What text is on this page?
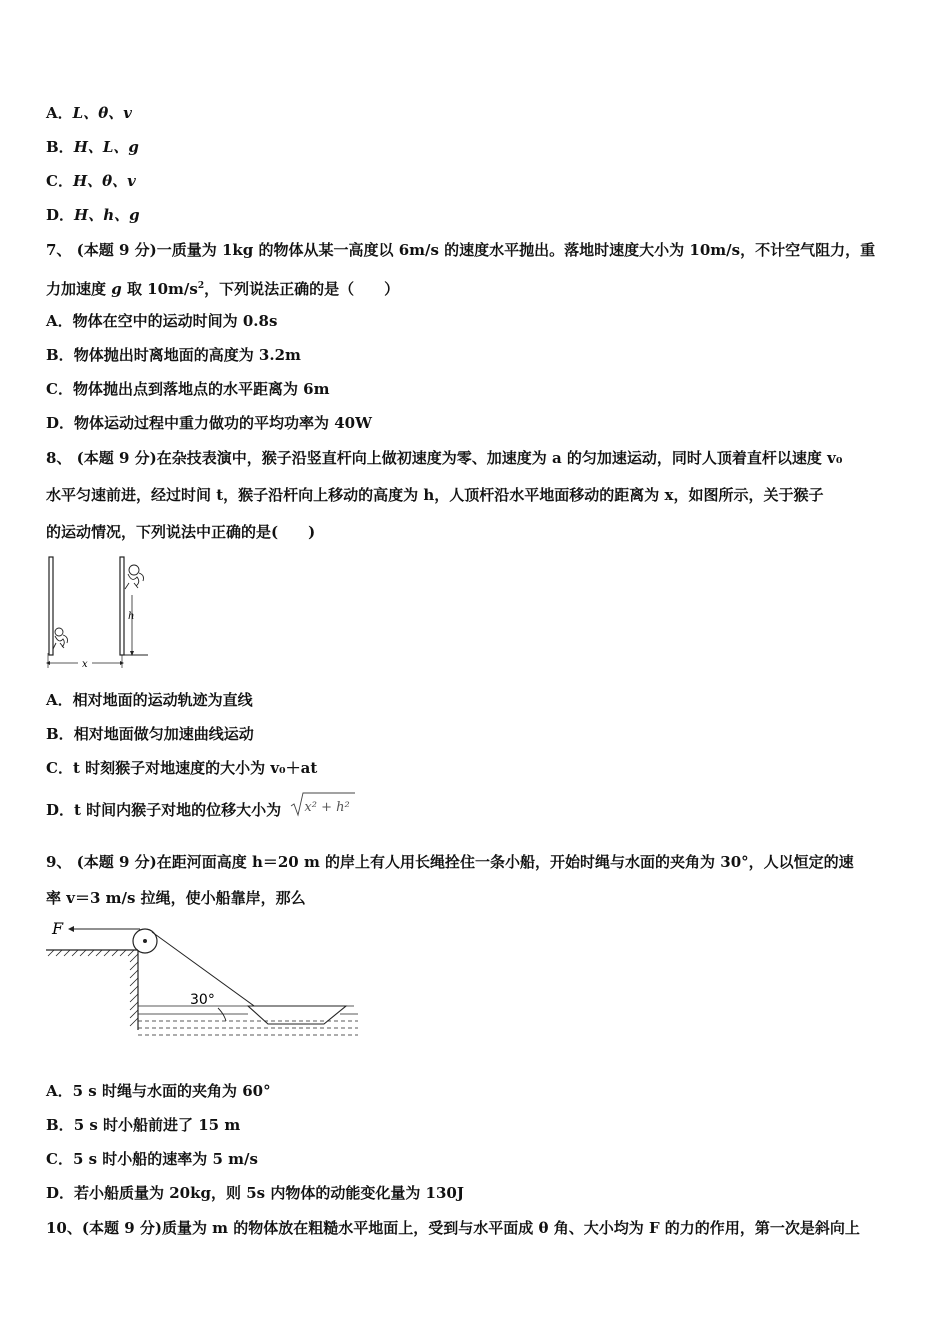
A．L、θ、v
B．H、L、g
C．H、θ、v
D．H、h、g
7、 (本题 9 分)一质量为 1kg 的物体从某一高度以 6m/s 的速度水平抛出。落地时速度大小为 10m/s，不计空气阻力，重
力加速度 g 取 $10m/s^2$，下列说法正确的是（　　）
A．物体在空中的运动时间为 0.8s
B．物体抛出时离地面的高度为 3.2m
C．物体抛出点到落地点的水平距离为 6m
D．物体运动过程中重力做功的平均功率为 40W
8、 (本题 9 分)在杂技表演中，猴子沿竖直杆向上做初速度为零、加速度为 a 的匀加速运动，同时人顶着直杆以速度 v₀
水平匀速前进，经过时间 t，猴子沿杆向上移动的高度为 h，人顶杆沿水平地面移动的距离为 x，如图所示，关于猴子
的运动情况，下列说法中正确的是(　　)
h
x
A．相对地面的运动轨迹为直线
B．相对地面做匀加速曲线运动
C．t 时刻猴子对地速度的大小为 v₀＋at
D．t 时间内猴子对地的位移大小为 x² + h²
9、 (本题 9 分)在距河面高度 h＝20 m 的岸上有人用长绳拴住一条小船，开始时绳与水面的夹角为 30°，人以恒定的速
率 v＝3 m/s 拉绳，使小船靠岸，那么
F
30°
A．5 s 时绳与水面的夹角为 60°
B．5 s 时小船前进了 15 m
C．5 s 时小船的速率为 5 m/s
D．若小船质量为 20kg，则 5s 内物体的动能变化量为 130J
10、(本题 9 分)质量为 m 的物体放在粗糙水平地面上，受到与水平面成 θ 角、大小均为 F 的力的作用，第一次是斜向上
